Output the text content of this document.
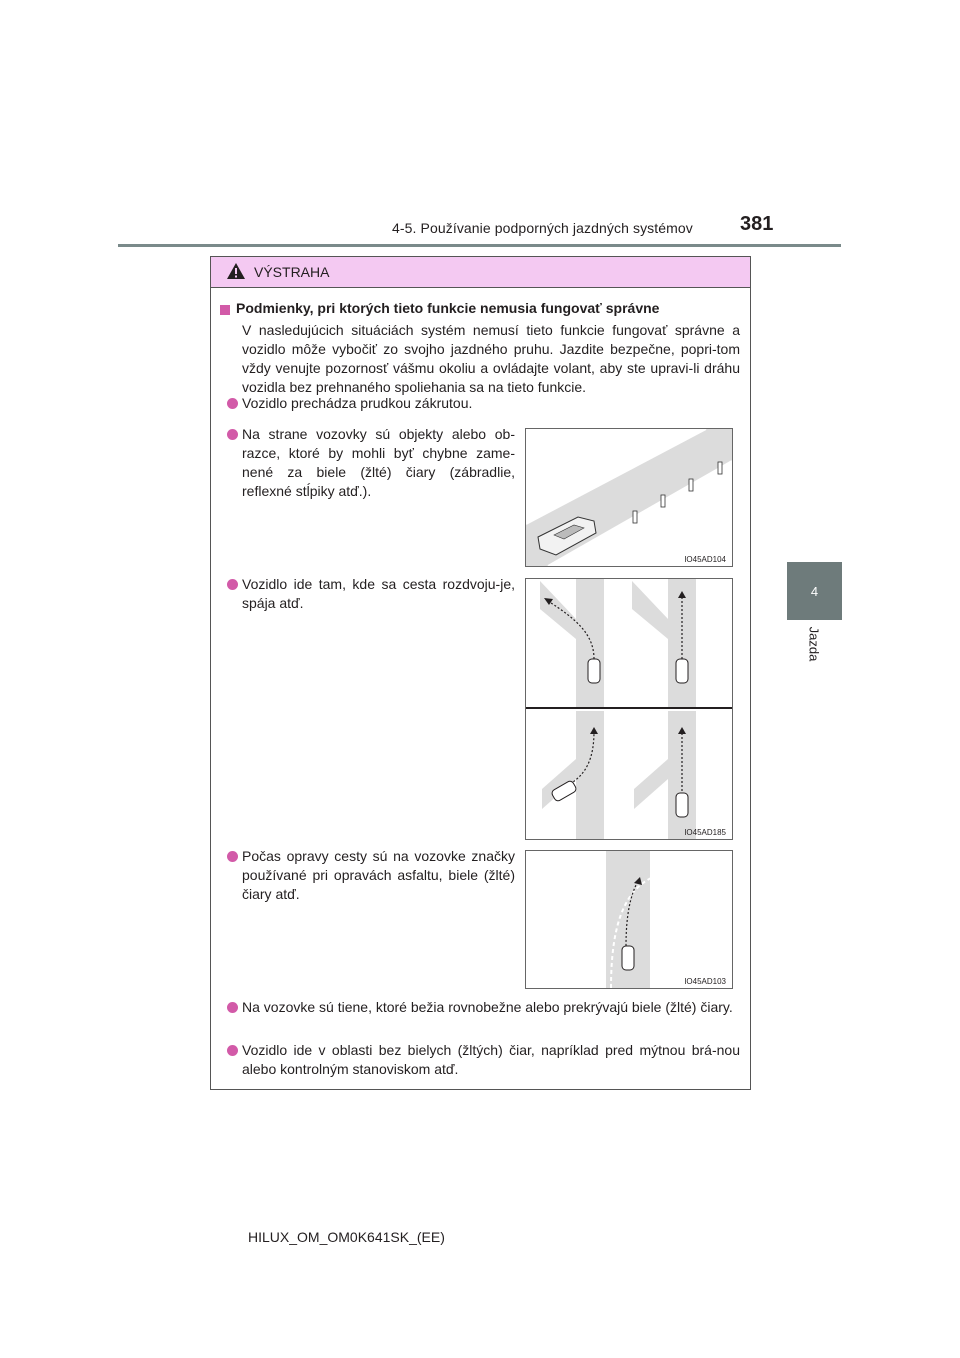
4-5. Používanie podporných jazdných systémov 381
4
Jazda
VÝSTRAHA
Podmienky, pri ktorých tieto funkcie nemusia fungovať správne
V nasledujúcich situáciách systém nemusí tieto funkcie fungovať správne a vozidlo môže vybočiť zo svojho jazdného pruhu. Jazdite bezpečne, popri-tom vždy venujte pozornosť vášmu okoliu a ovládajte volant, aby ste upravi-li dráhu vozidla bez prehnaného spoliehania sa na tieto funkcie.
Vozidlo prechádza prudkou zákrutou.
Na strane vozovky sú objekty alebo ob-razce, ktoré by mohli byť chybne zame-nené za biele (žlté) čiary (zábradlie, reflexné stĺpiky atď.).
IO45AD104
Vozidlo ide tam, kde sa cesta rozdvoju-je, spája atď.
IO45AD185
Počas opravy cesty sú na vozovke značky používané pri opravách asfaltu, biele (žlté) čiary atď.
IO45AD103
Na vozovke sú tiene, ktoré bežia rovnobežne alebo prekrývajú biele (žlté) čiary.
Vozidlo ide v oblasti bez bielych (žltých) čiar, napríklad pred mýtnou brá-nou alebo kontrolným stanoviskom atď.
HILUX_OM_OM0K641SK_(EE)
